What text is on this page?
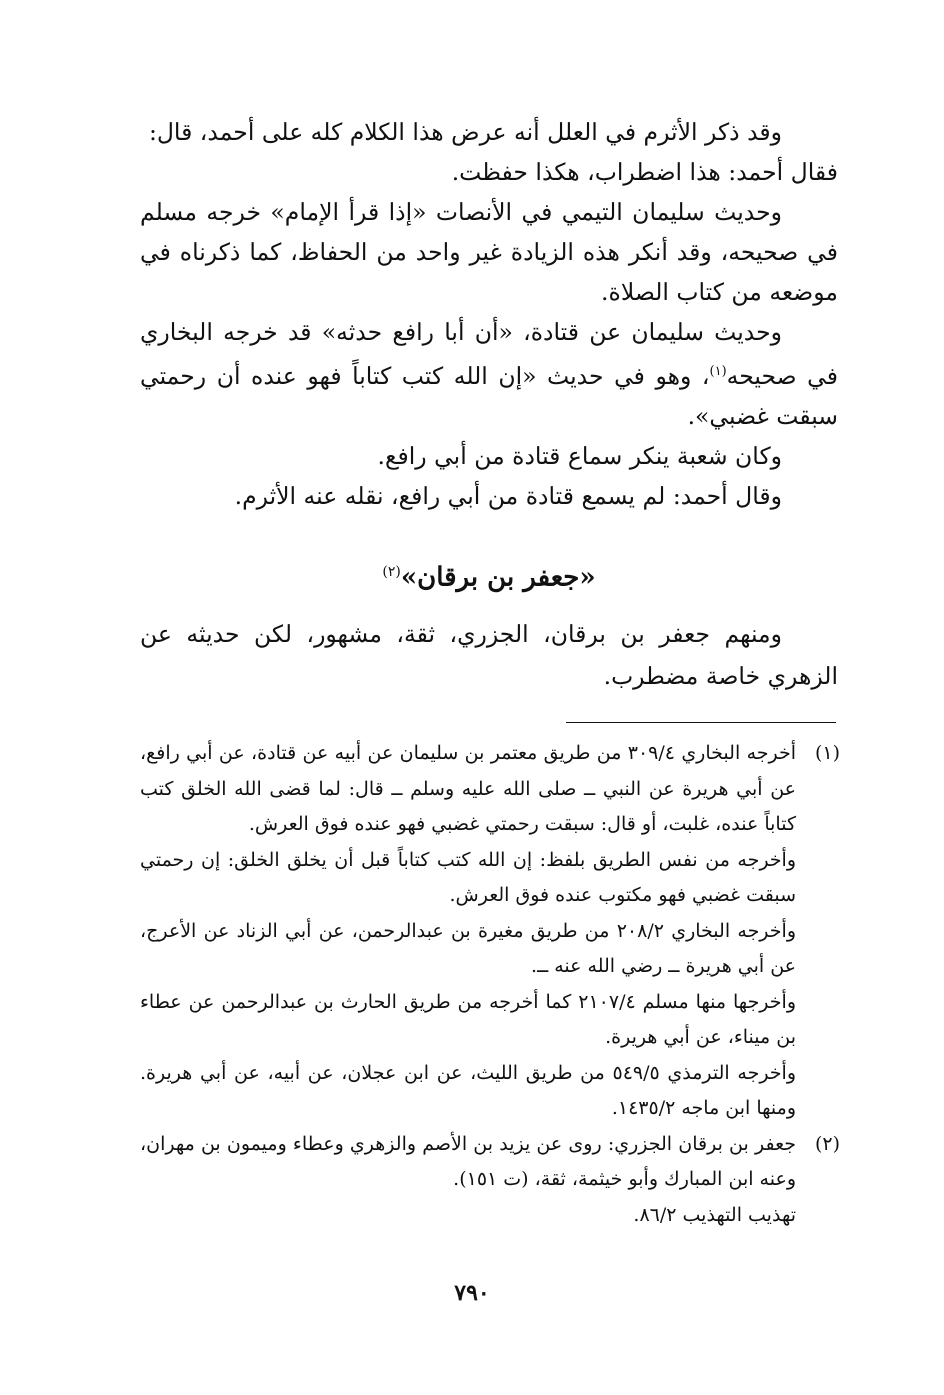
وقد ذكر الأثرم في العلل أنه عرض هذا الكلام كله على أحمد، قال:
فقال أحمد: هذا اضطراب، هكذا حفظت.

وحديث سليمان التيمي في الأنصات «إذا قرأ الإمام» خرجه مسلم في صحيحه، وقد أنكر هذه الزيادة غير واحد من الحفاظ، كما ذكرناه في موضعه من كتاب الصلاة.

وحديث سليمان عن قتادة، «أن أبا رافع حدثه» قد خرجه البخاري في صحيحه$^{(١)}$، وهو في حديث «إن الله كتب كتاباً فهو عنده أن رحمتي سبقت غضبي».

وكان شعبة ينكر سماع قتادة من أبي رافع.

وقال أحمد: لم يسمع قتادة من أبي رافع، نقله عنه الأثرم.

«جعفر بن برقان»$^{(٢)}$

ومنهم جعفر بن برقان، الجزري، ثقة، مشهور، لكن حديثه عن الزهري خاصة مضطرب.

(١)

أخرجه البخاري ٣٠٩/٤ من طريق معتمر بن سليمان عن أبيه عن قتادة، عن أبي رافع، عن أبي هريرة عن النبي ــ صلى الله عليه وسلم ــ قال: لما قضى الله الخلق كتب كتاباً عنده، غلبت، أو قال: سبقت رحمتي غضبي فهو عنده فوق العرش.

وأخرجه من نفس الطريق بلفظ: إن الله كتب كتاباً قبل أن يخلق الخلق: إن رحمتي سبقت غضبي فهو مكتوب عنده فوق العرش.

وأخرجه البخاري ٢٠٨/٢ من طريق مغيرة بن عبدالرحمن، عن أبي الزناد عن الأعرج، عن أبي هريرة ــ رضي الله عنه ــ.

وأخرجها منها مسلم ٢١٠٧/٤ كما أخرجه من طريق الحارث بن عبدالرحمن عن عطاء بن ميناء، عن أبي هريرة.

وأخرجه الترمذي ٥٤٩/٥ من طريق الليث، عن ابن عجلان، عن أبيه، عن أبي هريرة. ومنها ابن ماجه ١٤٣٥/٢.

(٢)

جعفر بن برقان الجزري: روى عن يزيد بن الأصم والزهري وعطاء وميمون بن مهران، وعنه ابن المبارك وأبو خيثمة، ثقة، (ت ١٥١).

تهذيب التهذيب ٨٦/٢.

٧٩٠
